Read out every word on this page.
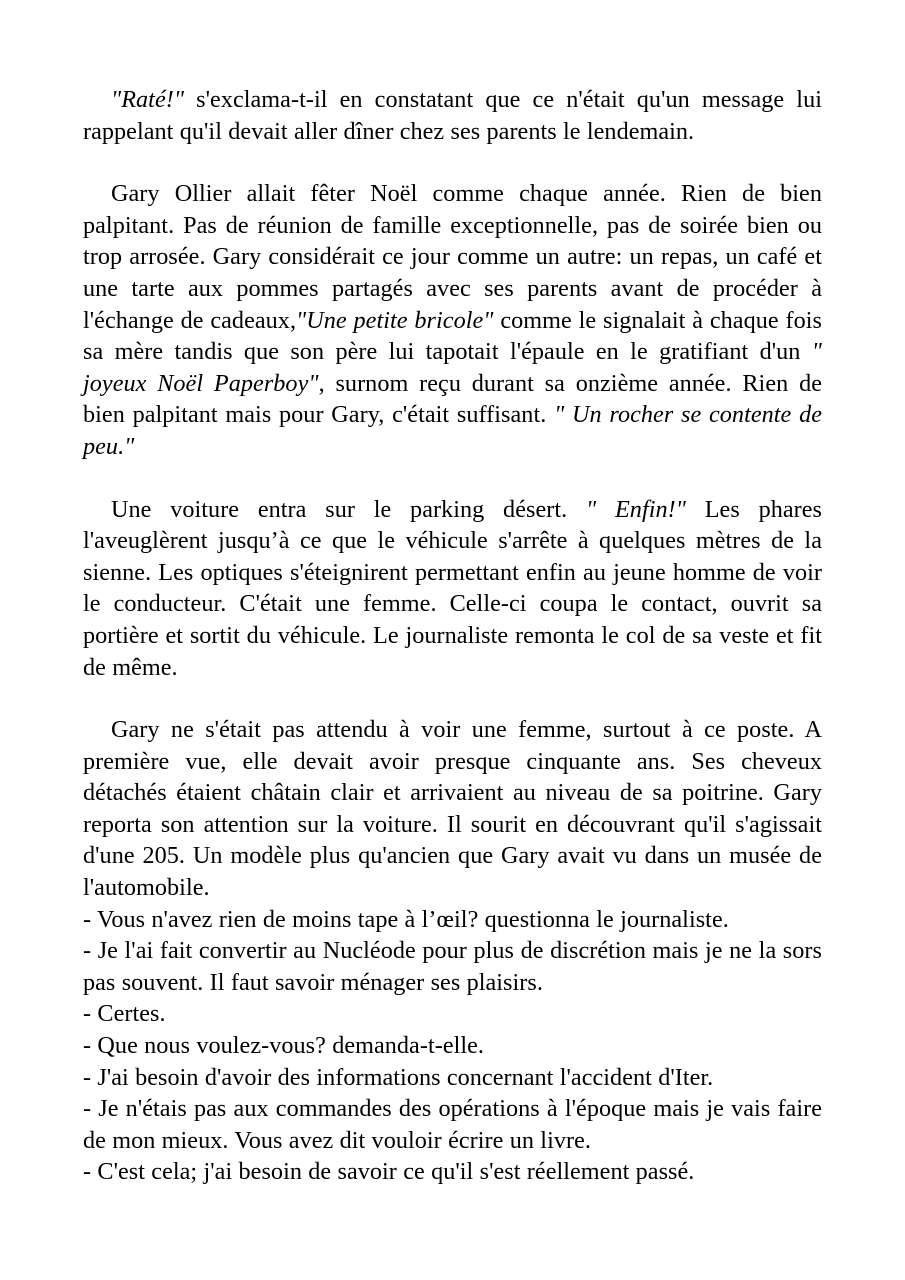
"Raté!" s'exclama-t-il en constatant que ce n'était qu'un message lui rappelant qu'il devait aller dîner chez ses parents le lendemain.

Gary Ollier allait fêter Noël comme chaque année. Rien de bien palpitant. Pas de réunion de famille exceptionnelle, pas de soirée bien ou trop arrosée. Gary considérait ce jour comme un autre: un repas, un café et une tarte aux pommes partagés avec ses parents avant de procéder à l'échange de cadeaux,"Une petite bricole" comme le signalait à chaque fois sa mère tandis que son père lui tapotait l'épaule en le gratifiant d'un " joyeux Noël Paperboy", surnom reçu durant sa onzième année. Rien de bien palpitant mais pour Gary, c'était suffisant. " Un rocher se contente de peu."

Une voiture entra sur le parking désert. " Enfin!" Les phares l'aveuglèrent jusqu’à ce que le véhicule s'arrête à quelques mètres de la sienne. Les optiques s'éteignirent permettant enfin au jeune homme de voir le conducteur. C'était une femme. Celle-ci coupa le contact, ouvrit sa portière et sortit du véhicule. Le journaliste remonta le col de sa veste et fit de même.

Gary ne s'était pas attendu à voir une femme, surtout à ce poste. A première vue, elle devait avoir presque cinquante ans. Ses cheveux détachés étaient châtain clair et arrivaient au niveau de sa poitrine. Gary reporta son attention sur la voiture. Il sourit en découvrant qu'il s'agissait d'une 205. Un modèle plus qu'ancien que Gary avait vu dans un musée de l'automobile.

- Vous n'avez rien de moins tape à l’œil? questionna le journaliste.

- Je l'ai fait convertir au Nucléode pour plus de discrétion mais je ne la sors pas souvent. Il faut savoir ménager ses plaisirs.

- Certes.

- Que nous voulez-vous? demanda-t-elle.

- J'ai besoin d'avoir des informations concernant l'accident d'Iter.

- Je n'étais pas aux commandes des opérations à l'époque mais je vais faire de mon mieux. Vous avez dit vouloir écrire un livre.

- C'est cela; j'ai besoin de savoir ce qu'il s'est réellement passé.
